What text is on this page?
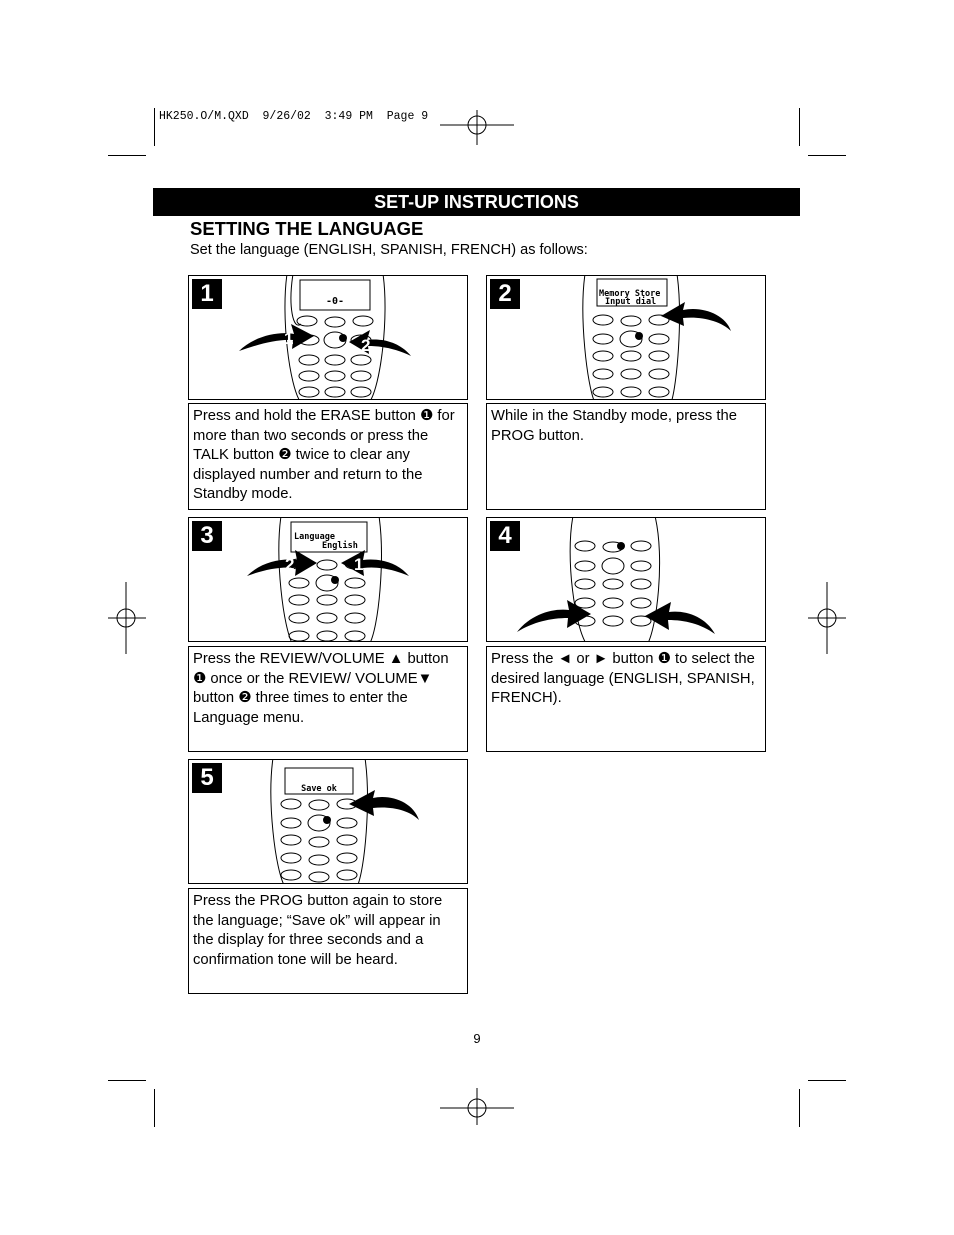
HK250.O/M.QXD  9/26/02  3:49 PM  Page 9
SET-UP INSTRUCTIONS
SETTING THE LANGUAGE
Set the language (ENGLISH, SPANISH, FRENCH) as follows:
1	-0-
1	2
Press and hold the ERASE button ❶ for more than two seconds or press the TALK button ❷ twice to clear any displayed number and return to the Standby mode.
2	Memory Store
Input dial
While in the Standby mode, press the PROG button.
3	Language
English
2	1
Press the REVIEW/VOLUME ▲ button ❶ once or the REVIEW/ VOLUME▼ button ❷ three times to enter the Language menu.
4
Press the ◄ or ► button ❶ to select the desired language (ENGLISH, SPANISH, FRENCH).
5	Save ok
Press the PROG button again to store the language; “Save ok” will appear in the display for three seconds and a confirmation tone will be heard.
9
